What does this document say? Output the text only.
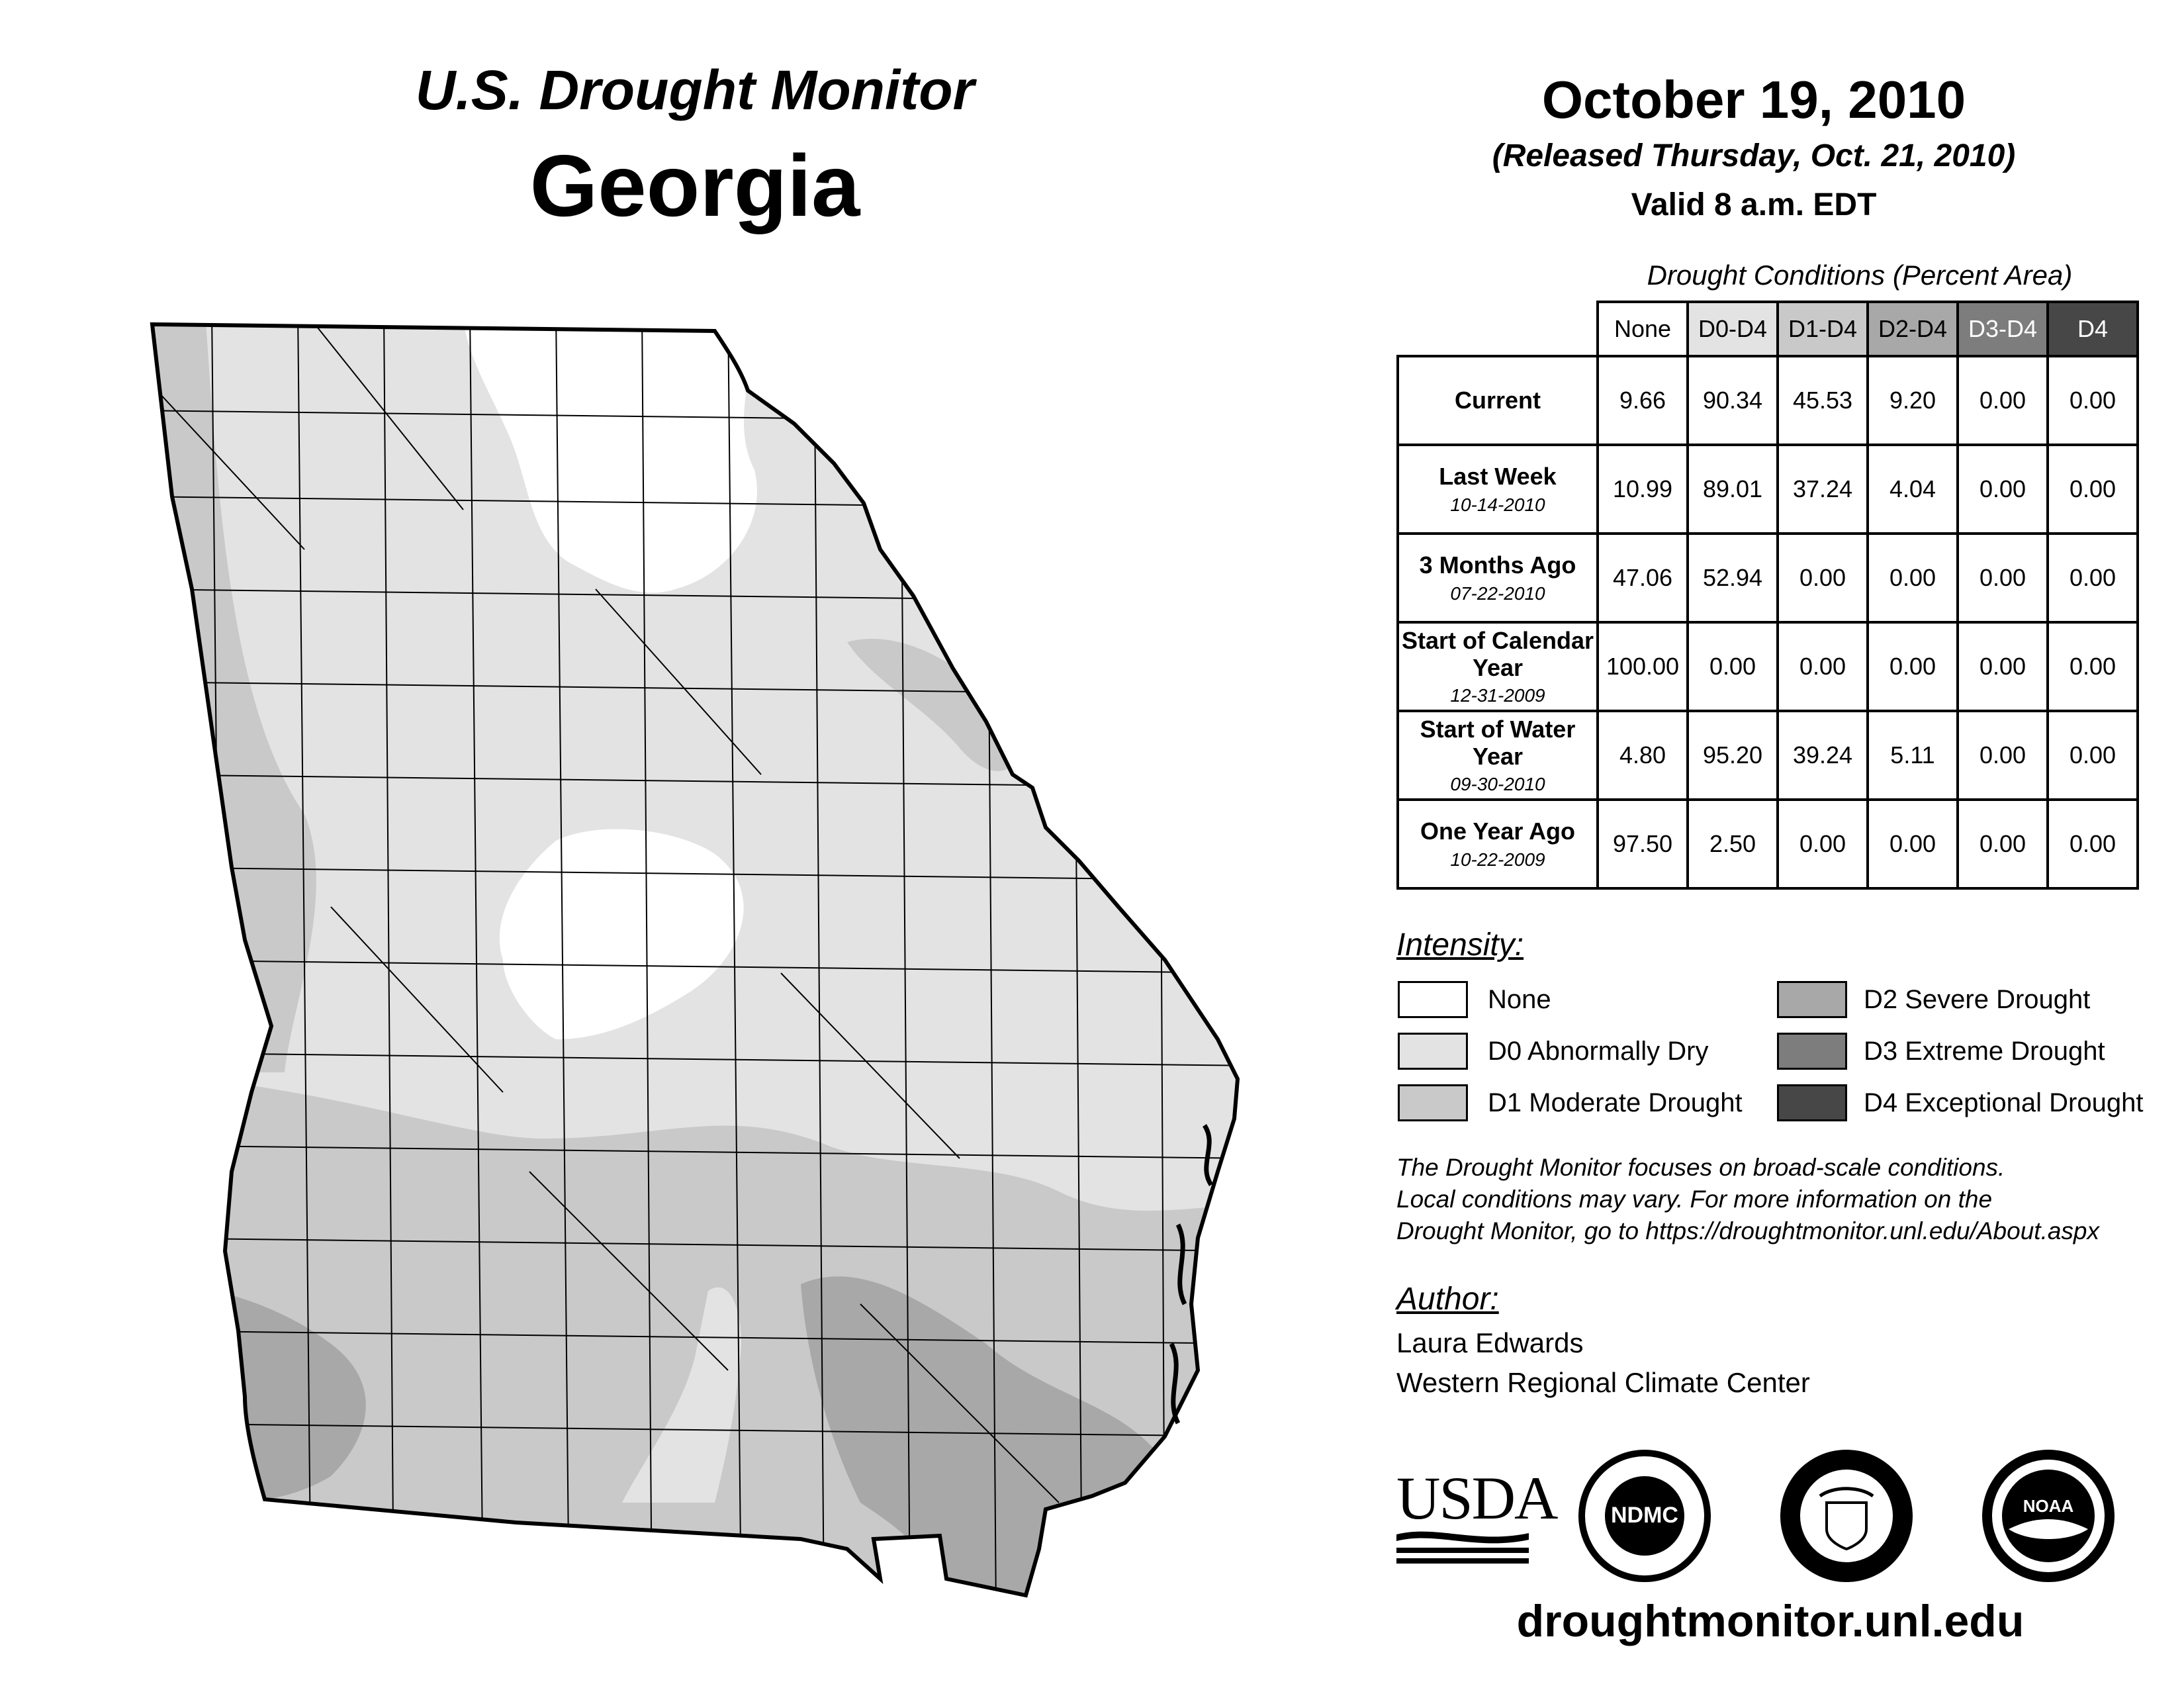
U.S. Drought Monitor
Georgia
October 19, 2010
(Released Thursday, Oct. 21, 2010)
Valid 8 a.m. EDT
Drought Conditions (Percent Area)
	None	D0-D4	D1-D4	D2-D4	D3-D4	D4
Current	9.66	90.34	45.53	9.20	0.00	0.00
Last Week
10-14-2010	10.99	89.01	37.24	4.04	0.00	0.00
3 Months Ago
07-22-2010	47.06	52.94	0.00	0.00	0.00	0.00
Start of Calendar Year
12-31-2009	100.00	0.00	0.00	0.00	0.00	0.00
Start of Water Year
09-30-2010	4.80	95.20	39.24	5.11	0.00	0.00
One Year Ago
10-22-2009	97.50	2.50	0.00	0.00	0.00	0.00
Intensity:
None
D0 Abnormally Dry
D1 Moderate Drought
D2 Severe Drought
D3 Extreme Drought
D4 Exceptional Drought
The Drought Monitor focuses on broad-scale conditions.
Local conditions may vary. For more information on the
Drought Monitor, go to https://droughtmonitor.unl.edu/About.aspx
Author:
Laura Edwards
Western Regional Climate Center
USDA NDMC	NOAA
droughtmonitor.unl.edu
